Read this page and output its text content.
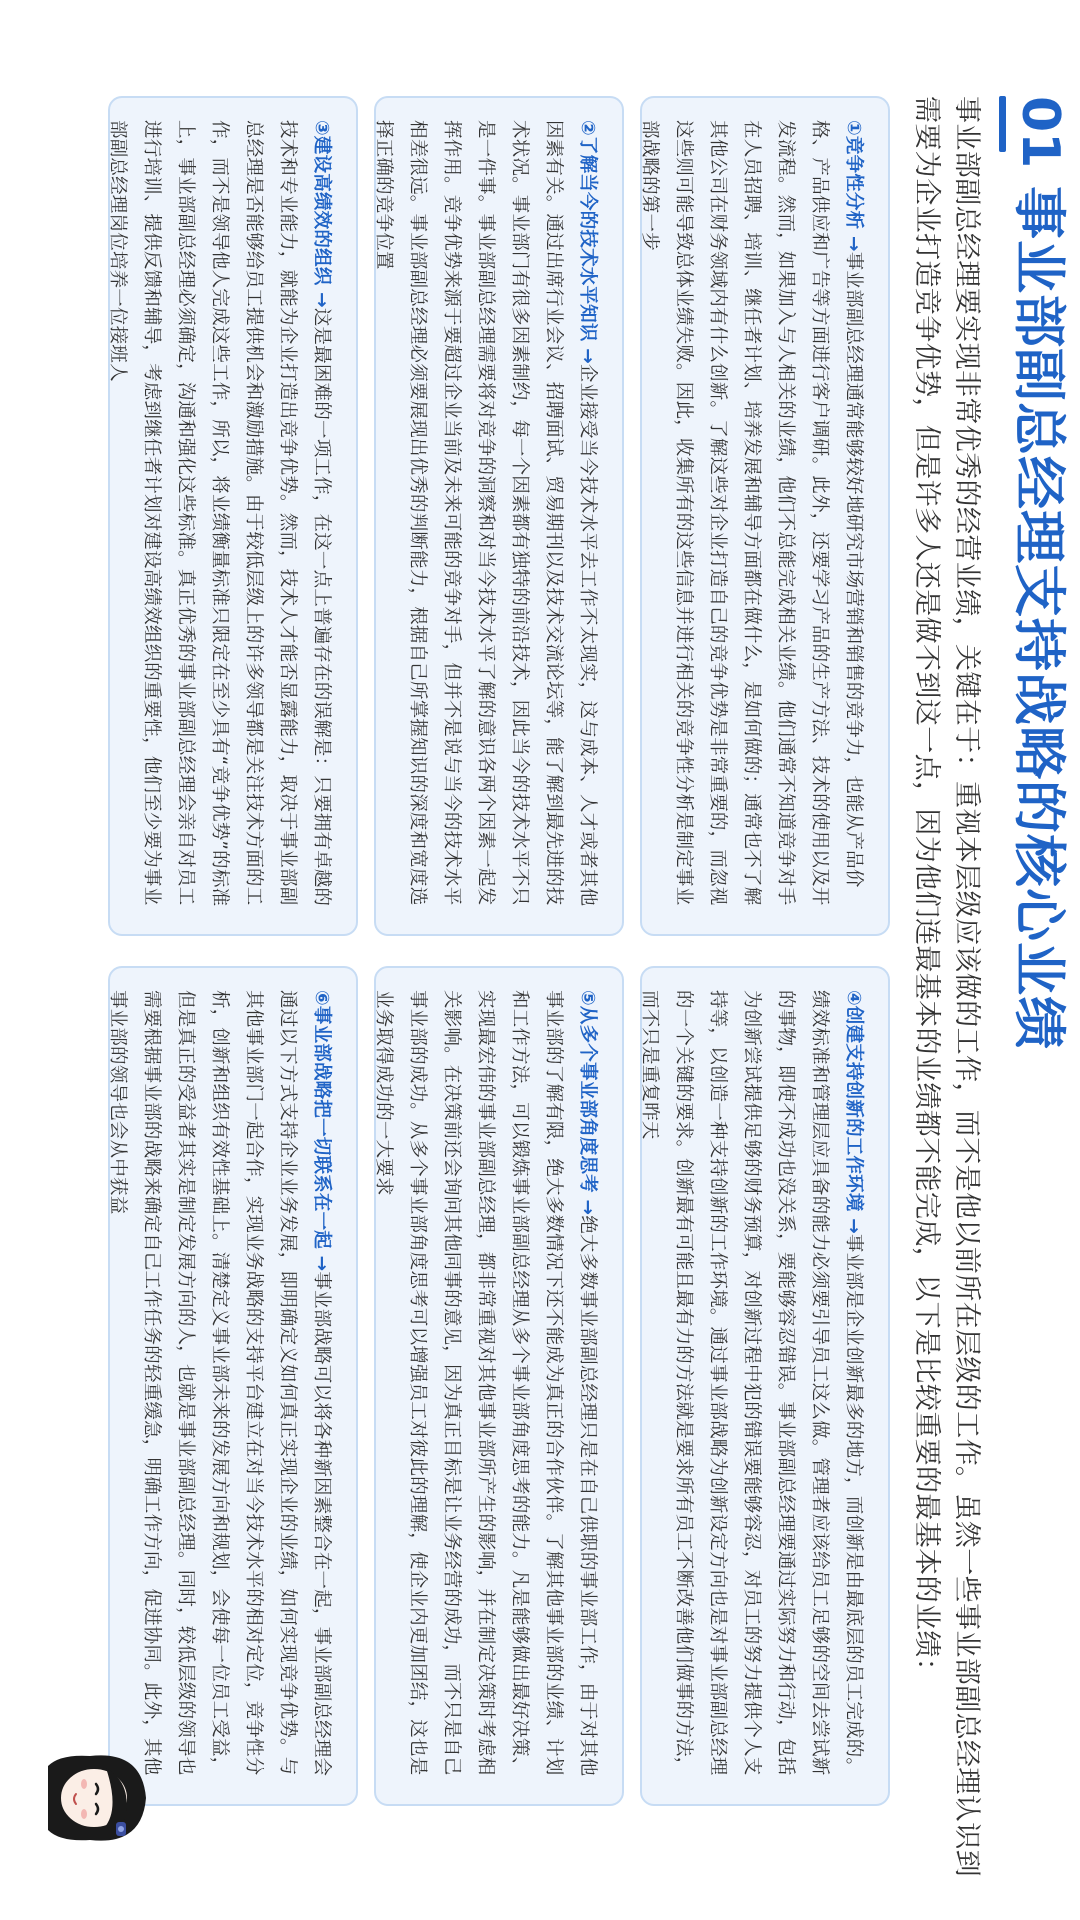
01
事业部副总经理支持战略的核心业绩
事业部副总经理要实现非常优秀的经营业绩，关键在于：重视本层级应该做的工作，而不是他以前所在层级的工作。虽然一些事业部副总经理认识到需要为企业打造竞争优势，但是许多人还是做不到这一点，因为他们连最基本的业绩都不能完成，以下是比较重要的最基本的业绩：

①竞争性分析 →事业部副总经理通常能够较好地研究市场营销和销售的竞争力，也能从产品价格、产品供应和广告等方面进行客户调研。此外，还要学习产品的生产方法、技术的使用以及开发流程。然而，如果加入与人相关的业绩，他们不总能完成相关业绩。他们通常不知道竞争对手在人员招聘、培训、继任者计划、培养发展和辅导方面都在做什么，是如何做的；通常也不了解其他公司在财务领域内有什么创新。了解这些对企业打造自己的竞争优势是非常重要的，而忽视这些则可能导致总体业绩失败。因此，收集所有的这些信息并进行相关的竞争性分析是制定事业部战略的第一步

②了解当今的技术水平知识 →企业接受当今技术水平去工作不太现实，这与成本、人才或者其他因素有关。通过出席行业会议、招聘面试、贸易期刊以及技术交流论坛等，能了解到最先进的技术状况。事业部门有很多因素制约，每一个因素都有独特的前沿技术，因此当今的技术水平不只是一件事。事业部副总经理需要将对竞争的洞察和对当今技术水平了解的意识各两个因素一起发挥作用。竞争优势来源于要超过企业当前及未来可能的竞争对手，但并不是说与当今的技术水平相差很远。事业部副总经理必须要展现出优秀的判断能力，根据自己所掌握知识的深度和宽度选择正确的竞争位置

③建设高绩效的组织 →这是最困难的一项工作，在这一点上普遍存在的误解是：只要拥有卓越的技术和专业能力，就能为企业打造出竞争优势。然而，技术人才能否显露能力，取决于事业部副总经理是否能够给员工提供机会和激励措施。由于较低层级上的许多领导都是关注技术方面的工作，而不是领导他人完成这些工作，所以，将业绩衡量标准只限定在至少具有“竞争优势”的标准上，事业部副总经理必须确定，沟通和强化这些标准。真正优秀的事业部副总经理会亲自对员工进行培训、提供反馈和辅导，考虑到继任者计划对建设高绩效组织的重要性，他们至少要为事业部副总经理岗位培养一位接班人

④创建支持创新的工作环境 →事业部是企业创新最多的地方，而创新是由最底层的员工完成的。绩效标准和管理层应具备的能力必须要引导员工这么做。管理者应该给员工足够的空间去尝试新的事物，即使不成功也没关系，要能够容忍错误。事业部副总经理要通过实际努力和行动，包括为创新尝试提供足够的财务预算，对创新过程中犯的错误要能够容忍，对员工的努力提供个人支持等，以创造一种支持创新的工作环境。通过事业部战略为创新设定方向也是对事业部副总经理的一个关键的要求。创新最有可能且最有力的方法就是要求所有员工不断改善他们做事的方法，而不只是重复昨天

⑤从多个事业部角度思考 →绝大多数事业部副总经理只是在自己供职的事业部工作，由于对其他事业部的了解有限，绝大多数情况下还不能成为真正的合作伙伴。了解其他事业部的业绩、计划和工作方法，可以锻炼事业部副总经理从多个事业部角度思考的能力。凡是能够做出最好决策、实现最宏伟的事业部副总经理，都非常重视对其他事业部所产生的影响，并在制定决策时考虑相关影响。在决策前还会询问其他同事的意见，因为真正目标是让业务经营的成功，而不只是自己事业部的成功。从多个事业部角度思考可以增强员工对彼此的理解，使企业内更加团结，这也是业务取得成功的一大要求

⑥事业部战略把一切联系在一起 →事业部战略可以将各种新因素整合在一起，事业部副总经理会通过以下方式支持企业业务发展，即明确定义如何真正实现企业的业绩，如何实现竞争优势。与其他事业部门一起合作，实现业务战略的支持平台建立在对当今技术水平的相对定位，竞争性分析，创新和组织有效性基础上。清楚定义事业部未来的发展方向和规划，会使每一位员工受益，但是真正的受益者其实是制定发展方向的人，也就是事业部副总经理。同时，较低层级的领导也需要根据事业部的战略来确定自己工作任务的轻重缓急，明确工作方向，促进协同。此外，其他事业部的领导也会从中获益
